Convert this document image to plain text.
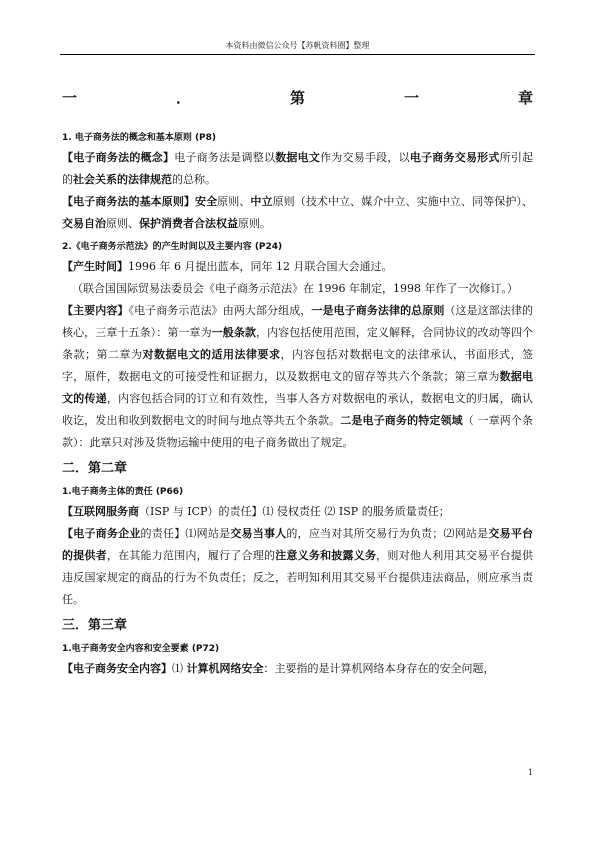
本资料由微信公众号【苏帆资料圈】整理
一	．	第	一	章
1. 电子商务法的概念和基本原则 (P8)

【电子商务法的概念】电子商务法是调整以数据电文作为交易手段，以电子商务交易形式所引起的社会关系的法律规范的总称。

【电子商务法的基本原则】安全原则、中立原则（技术中立、媒介中立、实施中立、同等保护）、交易自治原则、保护消费者合法权益原则。

2.《电子商务示范法》的产生时间以及主要内容 (P24)

【产生时间】1996 年 6 月提出蓝本，同年 12 月联合国大会通过。

（联合国国际贸易法委员会《电子商务示范法》在 1996 年制定，1998 年作了一次修订。）

【主要内容】《电子商务示范法》由两大部分组成，一是电子商务法律的总原则（这是这部法律的核心，三章十五条）：第一章为一般条款，内容包括使用范围，定义解释，合同协议的改动等四个条款；第二章为对数据电文的适用法律要求，内容包括对数据电文的法律承认，书面形式，签字，原件，数据电文的可接受性和证据力，以及数据电文的留存等共六个条款；第三章为数据电文的传递，内容包括合同的订立和有效性，当事人各方对数据电的承认，数据电文的归属，确认收讫，发出和收到数据电文的时间与地点等共五个条款。二是电子商务的特定领域（ 一章两个条款）：此章只对涉及货物运输中使用的电子商务做出了规定。

二．第二章
1.电子商务主体的责任 (P66)

【互联网服务商（ISP 与 ICP）的责任】⑴ 侵权责任 ⑵ ISP 的服务质量责任；

【电子商务企业的责任】⑴网站是交易当事人的，应当对其所交易行为负责；⑵网站是交易平台的提供者，在其能力范围内，履行了合理的注意义务和披露义务，则对他人利用其交易平台提供违反国家规定的商品的行为不负责任；反之，若明知利用其交易平台提供违法商品，则应承当责任。

三．第三章
1.电子商务安全内容和安全要素 (P72)

【电子商务安全内容】⑴ 计算机网络安全：主要指的是计算机网络本身存在的安全问题，

1
